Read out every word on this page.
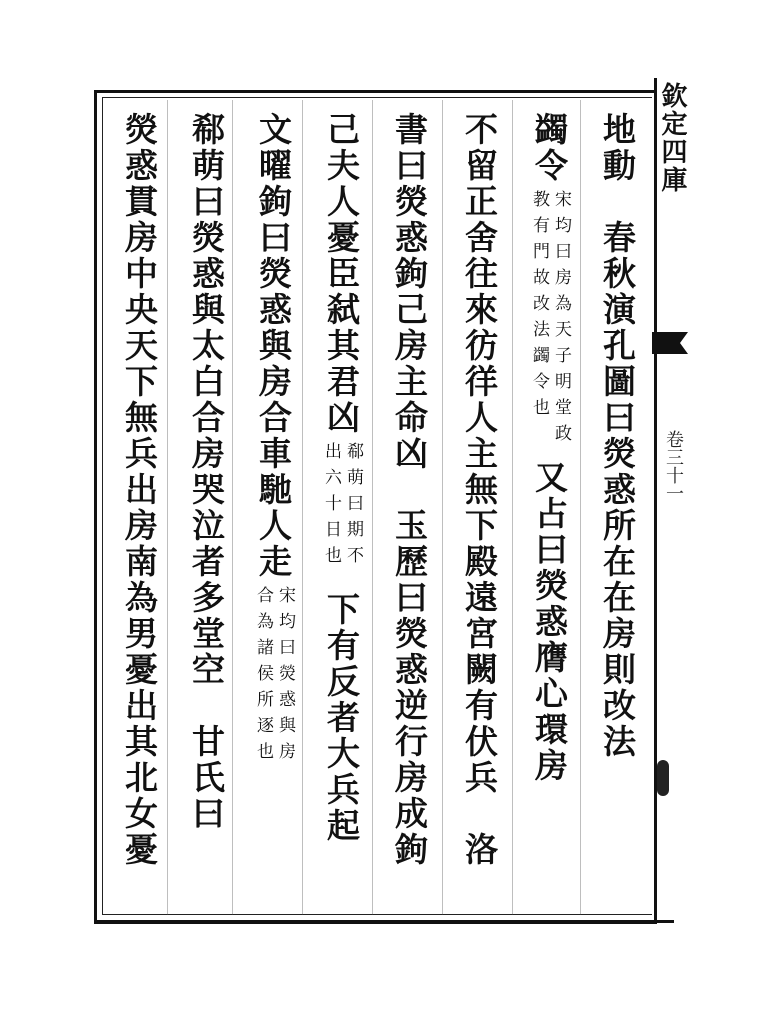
欽定四庫
卷三十一
地動　春秋演孔圖曰熒惑所在在房則改法
蠲令宋均曰房為天子明堂政教有門故改法蠲令也又占曰熒惑膺心環房
不留正舍往來彷徉人主無下殿遠宮闕有伏兵　洛
書曰熒惑鉤己房主命凶　玉歷曰熒惑逆行房成鉤
己夫人憂臣弑其君凶郗萌曰期不出六十日也下有反者大兵起
文曜鉤曰熒惑與房合車馳人走宋均曰熒惑與房合為諸侯所逐也
郗萌曰熒惑與太白合房哭泣者多堂空　甘氏曰
熒惑貫房中央天下無兵出房南為男憂出其北女憂
